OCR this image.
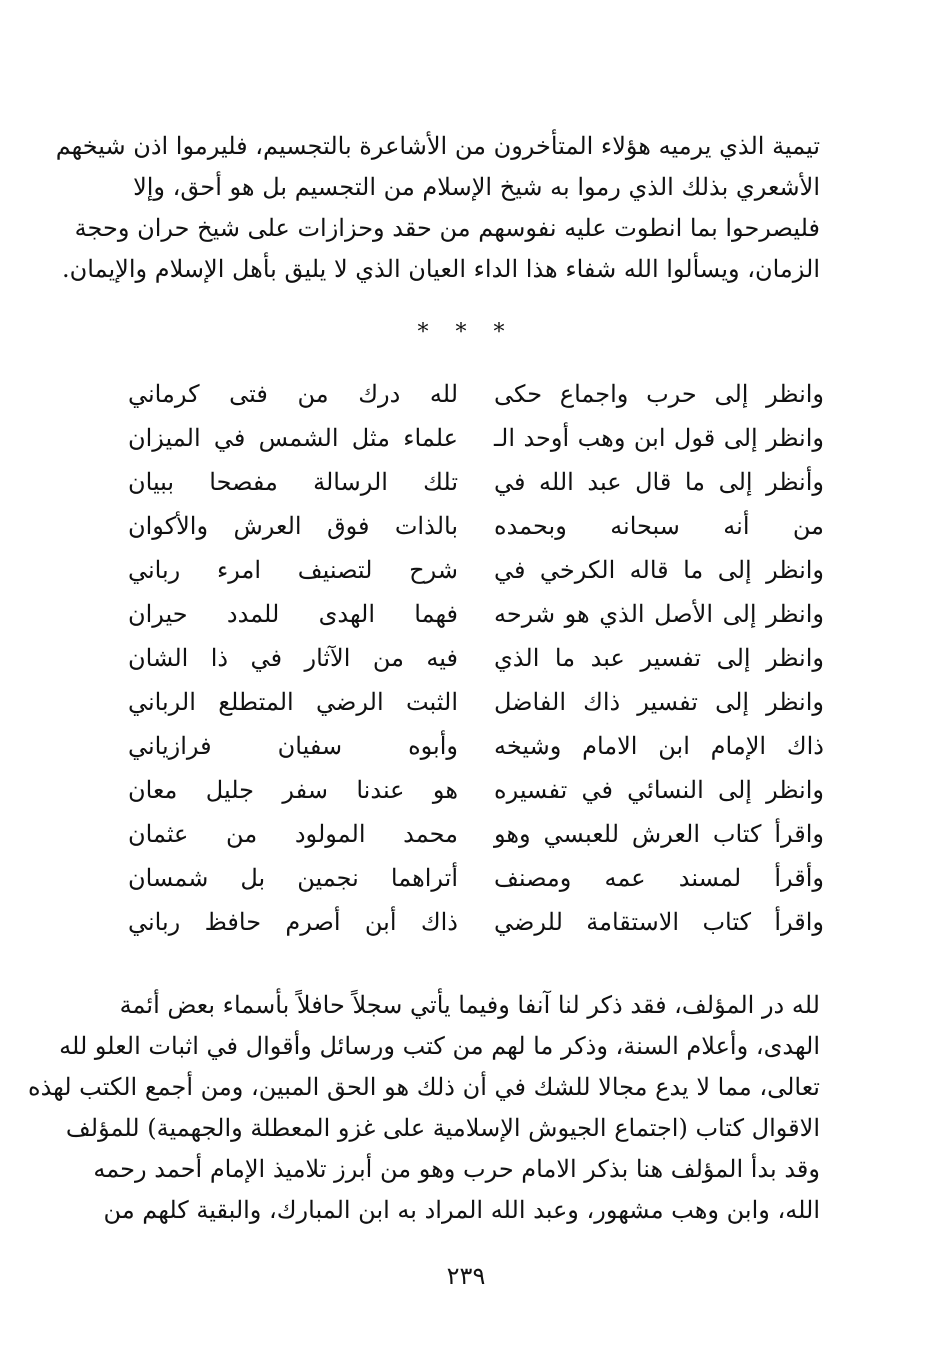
تيمية الذي يرميه هؤلاء المتأخرون من الأشاعرة بالتجسيم، فليرموا اذن شيخهم
الأشعري بذلك الذي رموا به شيخ الإسلام من التجسيم بل هو أحق، وإلا
فليصرحوا بما انطوت عليه نفوسهم من حقد وحزازات على شيخ حران وحجة
الزمان، ويسألوا الله شفاء هذا الداء العيان الذي لا يليق بأهل الإسلام والإيمان.
* * *
وانظر إلى حرب واجماع حكى
لله درك من فتى كرماني
وانظر إلى قول ابن وهب أوحد الـ
علماء مثل الشمس في الميزان
وأنظر إلى ما قال عبد الله في
تلك الرسالة مفصحا ببيان
من أنه سبحانه وبحمده
بالذات فوق العرش والأكوان
وانظر إلى ما قاله الكرخي في
شرح لتصنيف امرء رباني
وانظر إلى الأصل الذي هو شرحه
فهما الهدى للمدد حيران
وانظر إلى تفسير عبد ما الذي
فيه من الآثار في ذا الشان
وانظر إلى تفسير ذاك الفاضل
الثبت الرضي المتطلع الرباني
ذاك الإمام ابن الامام وشيخه
وأبوه سفيان فرازياني
وانظر إلى النسائي في تفسيره
هو عندنا سفر جليل معان
واقرأ كتاب العرش للعبسي وهو
محمد المولود من عثمان
وأقرأ لمسند عمه ومصنف
أتراهما نجمين بل شمسان
واقرأ كتاب الاستقامة للرضي
ذاك أبن أصرم حافظ رباني
لله در المؤلف، فقد ذكر لنا آنفا وفيما يأتي سجلاً حافلاً بأسماء بعض أئمة
الهدى، وأعلام السنة، وذكر ما لهم من كتب ورسائل وأقوال في اثبات العلو لله
تعالى، مما لا يدع مجالا للشك في أن ذلك هو الحق المبين، ومن أجمع الكتب لهذه
الاقوال كتاب (اجتماع الجيوش الإسلامية على غزو المعطلة والجهمية) للمؤلف
وقد بدأ المؤلف هنا بذكر الامام حرب وهو من أبرز تلاميذ الإمام أحمد رحمه
الله، وابن وهب مشهور، وعبد الله المراد به ابن المبارك، والبقية كلهم من
٢٣٩
